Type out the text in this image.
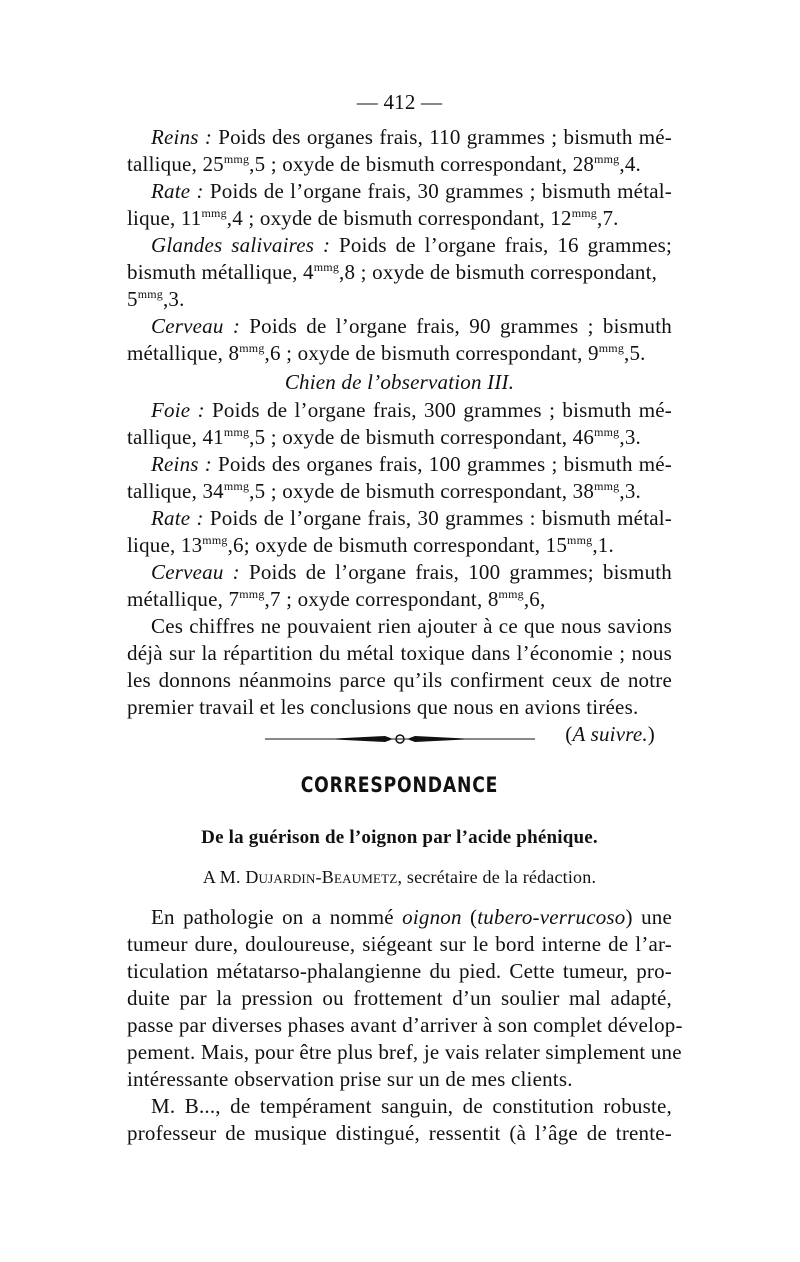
— 412 —
Reins : Poids des organes frais, 110 grammes ; bismuth mé-
tallique, $25^{mmg},5$ ; oxyde de bismuth correspondant, $28^{mmg},4$.
Rate : Poids de l’organe frais, 30 grammes ; bismuth métal-
lique, $11^{mmg},4$ ; oxyde de bismuth correspondant, $12^{mmg},7$.
Glandes salivaires : Poids de l’organe frais, 16 grammes;
bismuth métallique, $4^{mmg},8$ ; oxyde de bismuth correspondant,
$5^{mmg},3$.
Cerveau : Poids de l’organe frais, 90 grammes ; bismuth
métallique, $8^{mmg},6$ ; oxyde de bismuth correspondant, $9^{mmg},5$.
Chien de l’observation III.
Foie : Poids de l’organe frais, 300 grammes ; bismuth mé-
tallique, $41^{mmg},5$ ; oxyde de bismuth correspondant, $46^{mmg},3$.
Reins : Poids des organes frais, 100 grammes ; bismuth mé-
tallique, $34^{mmg},5$ ; oxyde de bismuth correspondant, $38^{mmg},3$.
Rate : Poids de l’organe frais, 30 grammes : bismuth métal-
lique, $13^{mmg},6$; oxyde de bismuth correspondant, $15^{mmg},1$.
Cerveau : Poids de l’organe frais, 100 grammes; bismuth
métallique, $7^{mmg},7$ ; oxyde correspondant, $8^{mmg},6$,
Ces chiffres ne pouvaient rien ajouter à ce que nous savions
déjà sur la répartition du métal toxique dans l’économie ; nous
les donnons néanmoins parce qu’ils confirment ceux de notre
premier travail et les conclusions que nous en avions tirées.
(A suivre.)
CORRESPONDANCE
De la guérison de l’oignon par l’acide phénique.
A M. Dujardin-Beaumetz, secrétaire de la rédaction.
En pathologie on a nommé oignon (tubero-verrucoso) une
tumeur dure, douloureuse, siégeant sur le bord interne de l’ar-
ticulation métatarso-phalangienne du pied. Cette tumeur, pro-
duite par la pression ou frottement d’un soulier mal adapté,
passe par diverses phases avant d’arriver à son complet dévelop-
pement. Mais, pour être plus bref, je vais relater simplement une
intéressante observation prise sur un de mes clients.
M. B..., de tempérament sanguin, de constitution robuste,
professeur de musique distingué, ressentit (à l’âge de trente-
